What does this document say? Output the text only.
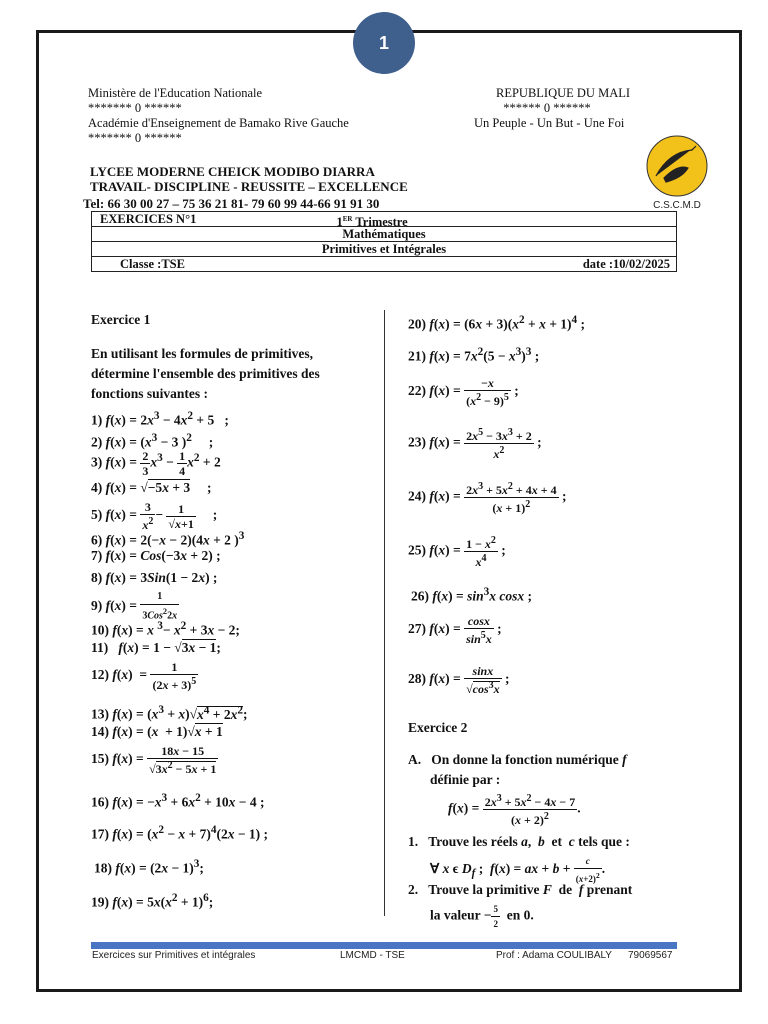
1
Ministère de l'Education Nationale
******* 0 ******
Académie d'Enseignement de Bamako Rive Gauche
******* 0 ******
REPUBLIQUE DU MALI
****** 0 ******
Un Peuple - Un But - Une Foi
LYCEE MODERNE CHEICK MODIBO DIARRA
TRAVAIL- DISCIPLINE - REUSSITE – EXCELLENCE
Tel: 66 30 00 27 – 75 36 21 81- 79 60 99 44-66 91 91 30	C.S.C.M.D
EXERCICES N°1	1ER Trimestre

Mathématiques
Primitives et Intégrales
Classe :TSE	date :10/02/2025
Exercice 1
En utilisant les formules de primitives,
détermine l'ensemble des primitives des
fonctions suivantes :
1) $f(x) = 2x^3 - 4x^2 + 5$   ;
2) $f(x) = (x^3 - 3$ )$^2$     ;
3) $f(x) = \frac{2}{3} x^3 - \frac{1}{4} x^2 + 2$
4) f(x) = √−5x + 3     ;
5) $f(x) = \frac{3}{x^2} - \frac{1}{√x+1}$ ;
6) f(x) = 2(−x − 2)(4x + 2 )$^3$
7) f(x) = Cos(−3x + 2) ;
8) f(x) = 3Sin(1 − 2x) ;
9) $f(x) = \frac{1}{3Cos^22x}$
10) f(x) = x $^3- x^2 + 3x - 2$;
11)   f(x) = 1 − √3x − 1;
12) $f(x) = \frac{1}{(2x + 3)^5}$
13) $f(x) = (x^3 + x)√x^4 + 2x^2$;
14) f(x) = (x  + 1)√x + 1
15) $f(x) = \frac{18x - 15}{√3x^2 - 5x + 1}$
16) $f(x) = -x^3 + 6x^2 + 10x - 4$ ;
17) $f(x) = (x^2 - x + 7)^4(2x - 1)$ ;
18) $f(x) = (2x - 1)^3$;
19) $f(x) = 5x(x^2 + 1)^6$;
20) $f(x) = (6x + 3)(x^2 + x + 1)^4$ ;
21) $f(x) = 7x^2(5 - x^3)^3$ ;
22) $f(x) = \frac{-x}{(x^2 - 9)^5}$ ;
23) $f(x) = \frac{2x^5 - 3x^3 + 2}{x^2}$ ;
24) $f(x) = \frac{2x^3 + 5x^2 + 4x + 4}{(x + 1)^2}$ ;
25) $f(x) = \frac{1 - x^2}{x^4}$ ;
26) $f(x) = \sin^3x$ cosx ;
27) $f(x) = \frac{\cos x}{\sin^5x}$ ;
28) $f(x) = \frac{\sin x}{√\cos^3x}$ ;
Exercice 2
A. On donne la fonction numérique f
définie par :
$f(x) = \frac{2x^3 + 5x^2 - 4x - 7}{(x + 2)^2}$ .
1. Trouve les réels a,  b  et  c tels que :
∀ x ϵ $D_f$ ;  f(x) = ax + $b + \frac{c}{(x+2)^2}$ .
2. Trouve la primitive F  de  f prenant
la valeur − $\frac{5}{2}$ en 0.
Exercices sur Primitives et intégrales	LMCMD - TSE	Prof : Adama COULIBALY 79069567
